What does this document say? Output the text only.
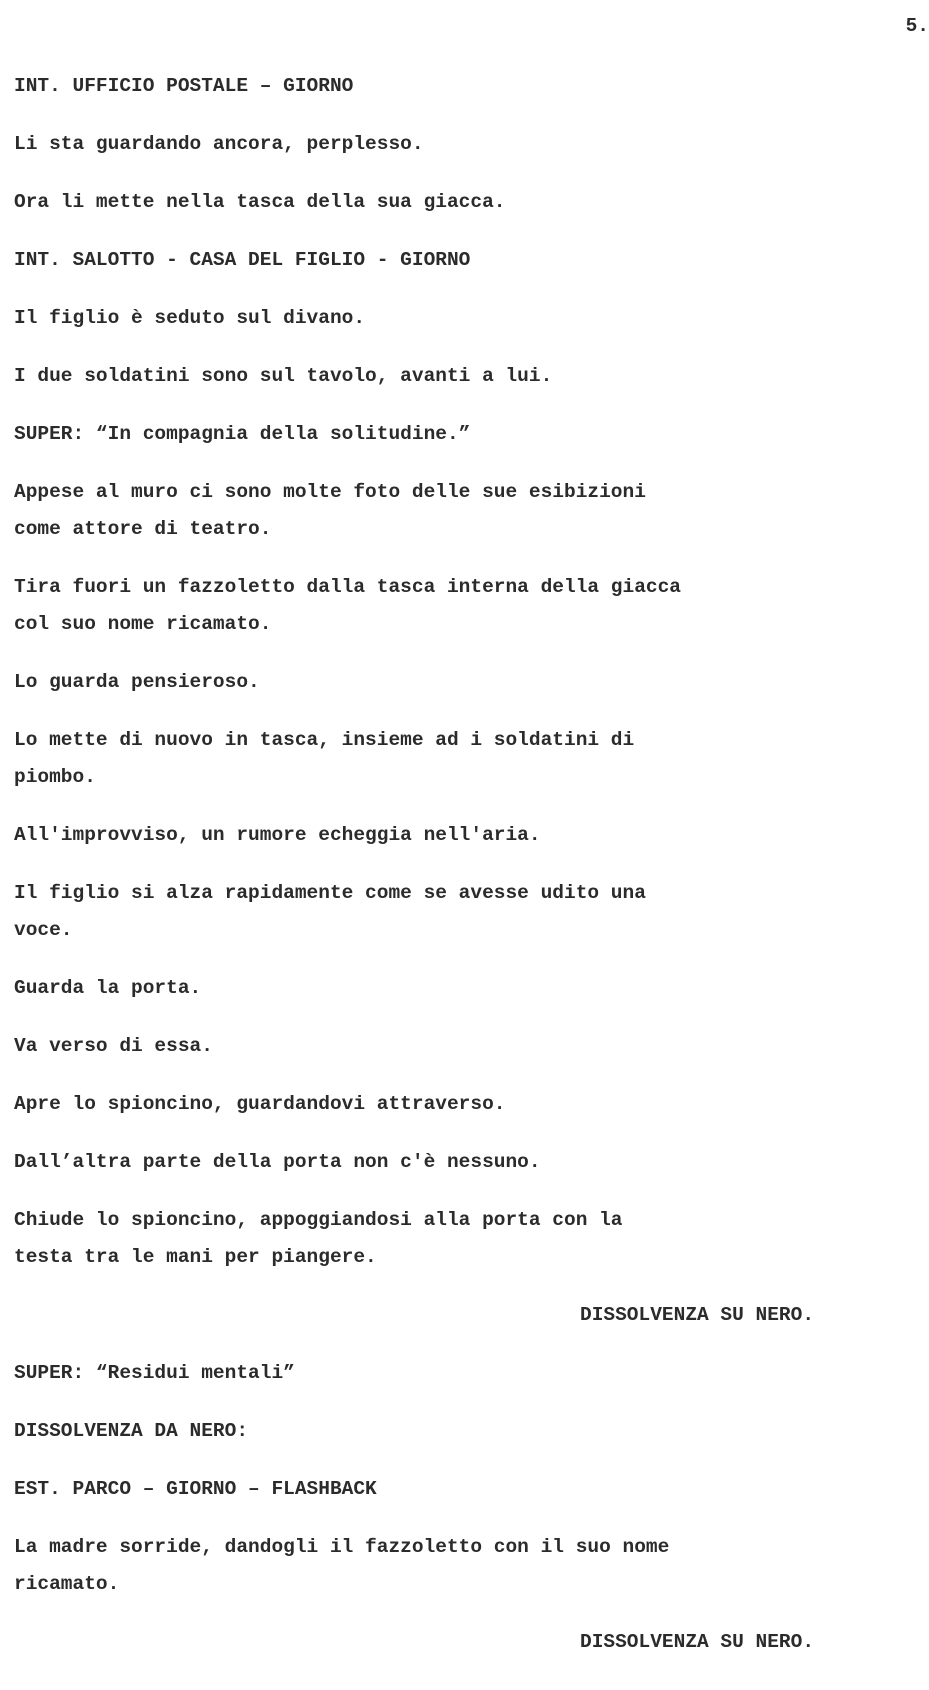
5.
INT. UFFICIO POSTALE – GIORNO
Li sta guardando ancora, perplesso.
Ora li mette nella tasca della sua giacca.
INT. SALOTTO - CASA DEL FIGLIO - GIORNO
Il figlio è seduto sul divano.
I due soldatini sono sul tavolo, avanti a lui.
SUPER: “In compagnia della solitudine.”
Appese al muro ci sono molte foto delle sue esibizioni
come attore di teatro.
Tira fuori un fazzoletto dalla tasca interna della giacca
col suo nome ricamato.
Lo guarda pensieroso.
Lo mette di nuovo in tasca, insieme ad i soldatini di
piombo.
All'improvviso, un rumore echeggia nell'aria.
Il figlio si alza rapidamente come se avesse udito una
voce.
Guarda la porta.
Va verso di essa.
Apre lo spioncino, guardandovi attraverso.
Dall’altra parte della porta non c'è nessuno.
Chiude lo spioncino, appoggiandosi alla porta con la
testa tra le mani per piangere.
DISSOLVENZA SU NERO.
SUPER: “Residui mentali”
DISSOLVENZA DA NERO:
EST. PARCO – GIORNO – FLASHBACK
La madre sorride, dandogli il fazzoletto con il suo nome
ricamato.
DISSOLVENZA SU NERO.
